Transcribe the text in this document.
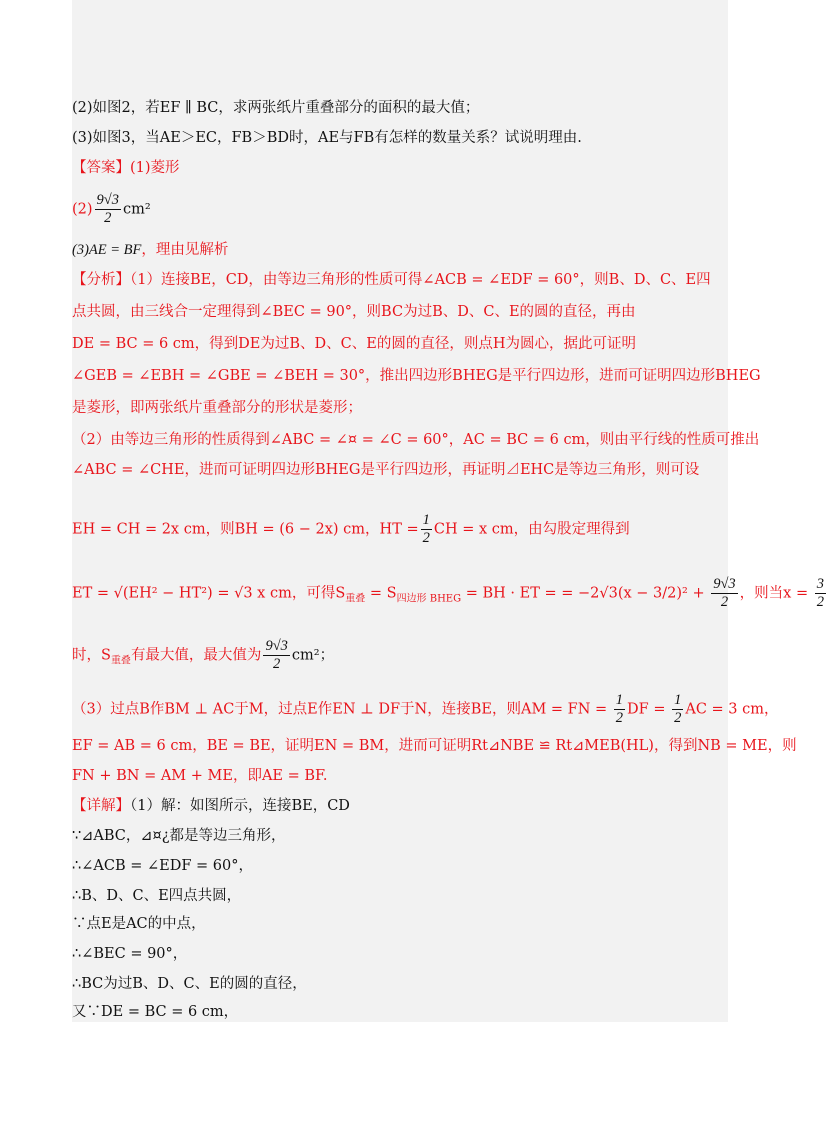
(2)如图2，若EF ∥ BC，求两张纸片重叠部分的面积的最大值；
(3)如图3，当AE＞EC，FB＞BD时，AE与FB有怎样的数量关系？试说明理由.
【答案】(1)菱形
$(2) \frac{9√3}{2} cm^2$
(3)AE = BF，理由见解析
【分析】（1）连接BE，CD，由等边三角形的性质可得∠ACB = ∠EDF = 60°，则B、D、C、E四
点共圆，由三线合一定理得到∠BEC = 90°，则BC为过B、D、C、E的圆的直径，再由
DE = BC = 6 cm，得到DE为过B、D、C、E的圆的直径，则点H为圆心，据此可证明
∠GEB = ∠EBH = ∠GBE = ∠BEH = 30°，推出四边形BHEG是平行四边形，进而可证明四边形BHEG
是菱形，即两张纸片重叠部分的形状是菱形；
（2）由等边三角形的性质得到∠ABC = ∠¤ = ∠C = 60°，AC = BC = 6 cm，则由平行线的性质可推出
∠ABC = ∠CHE，进而可证明四边形BHEG是平行四边形，再证明⊿EHC是等边三角形，则可设
EH = CH = 2x cm，则BH = (6 − 2x) cm，HT = $\frac{1}{2}$ CH = x cm，由勾股定理得到
ET = √(EH² − HT²) = √3 x cm，可得$S_{重叠} = S_{四边形 BHEG}$ = BH · ET = = $-2√3(x - 3/2)^2 + \frac{9√3}{2}$ ，则当$x = \frac{3}{2}$
时，$S_{重叠}$有最大值，最大值为 $\frac{9√3}{2} cm^2$；
（3）过点B作BM ⊥ AC于M，过点E作EN ⊥ DF于N，连接BE，则AM = FN = $\frac{1}{2}$ DF = $\frac{1}{2}$ AC = 3 cm，
EF = AB = 6 cm，BE = BE，证明EN = BM，进而可证明Rt⊿NBE ≌ Rt⊿MEB(HL)，得到NB = ME，则
FN + BN = AM + ME，即AE = BF.
【详解】（1）解：如图所示，连接BE，CD
∵⊿ABC，⊿¤¿都是等边三角形，
∴∠ACB = ∠EDF = 60°，
∴B、D、C、E四点共圆，
∵点E是AC的中点，
∴∠BEC = 90°，
∴BC为过B、D、C、E的圆的直径，
又∵DE = BC = 6 cm，
